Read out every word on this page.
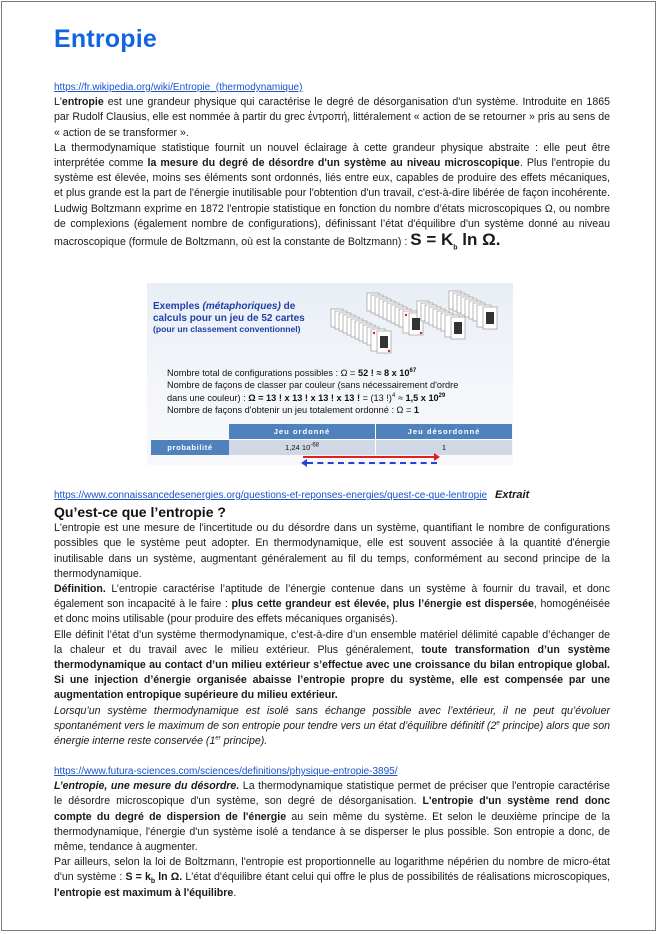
Entropie
https://fr.wikipedia.org/wiki/Entropie_(thermodynamique)

L'entropie est une grandeur physique qui caractérise le degré de désorganisation d'un système. Introduite en 1865 par Rudolf Clausius, elle est nommée à partir du grec ἐντροπή, littéralement « action de se retourner » pris au sens de « action de se transformer ».

La thermodynamique statistique fournit un nouvel éclairage à cette grandeur physique abstraite : elle peut être interprétée comme la mesure du degré de désordre d'un système au niveau microscopique. Plus l'entropie du système est élevée, moins ses éléments sont ordonnés, liés entre eux, capables de produire des effets mécaniques, et plus grande est la part de l'énergie inutilisable pour l'obtention d'un travail, c'est-à-dire libérée de façon incohérente. Ludwig Boltzmann exprime en 1872 l'entropie statistique en fonction du nombre d’états microscopiques Ω, ou nombre de complexions (également nombre de configurations), définissant l’état d'équilibre d'un système donné au niveau macroscopique (formule de Boltzmann, où est la constante de Boltzmann) : $S = K_b$ ln Ω.

Exemples (métaphoriques) de
calculs pour un jeu de 52 cartes
(pour un classement conventionnel)
Nombre total de configurations possibles : Ω = 52 ! ≈ 8 x $10^{67}$
Nombre de façons de classer par couleur (sans nécessairement d'ordre
dans une couleur) : Ω = 13 ! x 13 ! x 13 ! x 13 ! = (13 !)$^4$ ≈ 1,5 x $10^{29}$
Nombre de façons d'obtenir un jeu totalement ordonné : Ω = 1
	Jeu ordonné	Jeu désordonné
probabilité	1,24 $10^{-68}$	1
https://www.connaissancedesenergies.org/questions-et-reponses-energies/quest-ce-que-lentropie Extrait
Qu’est-ce que l’entropie ?

L'entropie est une mesure de l'incertitude ou du désordre dans un système, quantifiant le nombre de configurations possibles que le système peut adopter. En thermodynamique, elle est souvent associée à la quantité d'énergie inutilisable dans un système, augmentant généralement au fil du temps, conformément au second principe de la thermodynamique.

Définition. L’entropie caractérise l’aptitude de l’énergie contenue dans un système à fournir du travail, et donc également son incapacité à le faire : plus cette grandeur est élevée, plus l’énergie est dispersée, homogénéisée et donc moins utilisable (pour produire des effets mécaniques organisés).

Elle définit l’état d’un système thermodynamique, c’est-à-dire d’un ensemble matériel délimité capable d’échanger de la chaleur et du travail avec le milieu extérieur. Plus généralement, toute transformation d’un système thermodynamique au contact d’un milieu extérieur s’effectue avec une croissance du bilan entropique global. Si une injection d’énergie organisée abaisse l’entropie propre du système, elle est compensée par une augmentation entropique supérieure du milieu extérieur.

Lorsqu’un système thermodynamique est isolé sans échange possible avec l’extérieur, il ne peut qu’évoluer spontanément vers le maximum de son entropie pour tendre vers un état d’équilibre définitif (2e principe) alors que son énergie interne reste conservée (1er principe).

https://www.futura-sciences.com/sciences/definitions/physique-entropie-3895/

L’entropie, une mesure du désordre. La thermodynamique statistique permet de préciser que l'entropie caractérise le désordre microscopique d'un système, son degré de désorganisation. L'entropie d'un système rend donc compte du degré de dispersion de l'énergie au sein même du système. Et selon le deuxième principe de la thermodynamique, l'énergie d'un système isolé a tendance à se disperser le plus possible. Son entropie a donc, de même, tendance à augmenter.

Par ailleurs, selon la loi de Boltzmann, l'entropie est proportionnelle au logarithme népérien du nombre de micro-état d'un système : $S = k_b$ ln Ω. L'état d'équilibre étant celui qui offre le plus de possibilités de réalisations microscopiques, l'entropie est maximum à l'équilibre.
